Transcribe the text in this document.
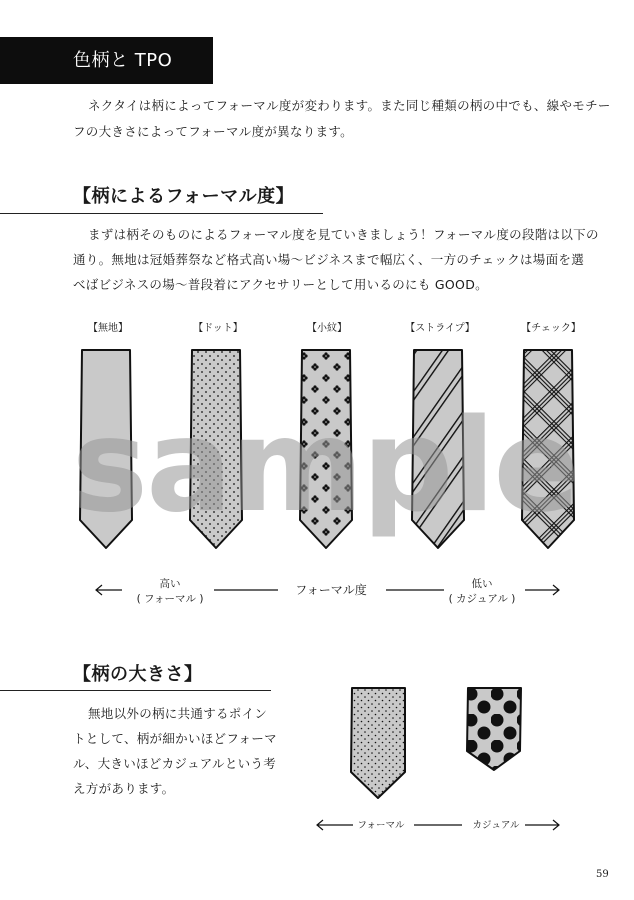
色柄と TPO
ネクタイは柄によってフォーマル度が変わります。また同じ種類の柄の中でも、線やモチー
フの大きさによってフォーマル度が異なります。
【柄によるフォーマル度】
まずは柄そのものによるフォーマル度を見ていきましょう！フォーマル度の段階は以下の
通り。無地は冠婚葬祭など格式高い場〜ビジネスまで幅広く、一方のチェックは場面を選
べばビジネスの場〜普段着にアクセサリーとして用いるのにも GOOD。
【無地】	【ドット】	【小紋】	【ストライプ】	【チェック】
sample
高い
( フォーマル )
フォーマル度	低い
( カジュアル )
【柄の大きさ】
無地以外の柄に共通するポイン
トとして、柄が細かいほどフォーマ
ル、大きいほどカジュアルという考
え方があります。
フォーマル	カジュアル
59
